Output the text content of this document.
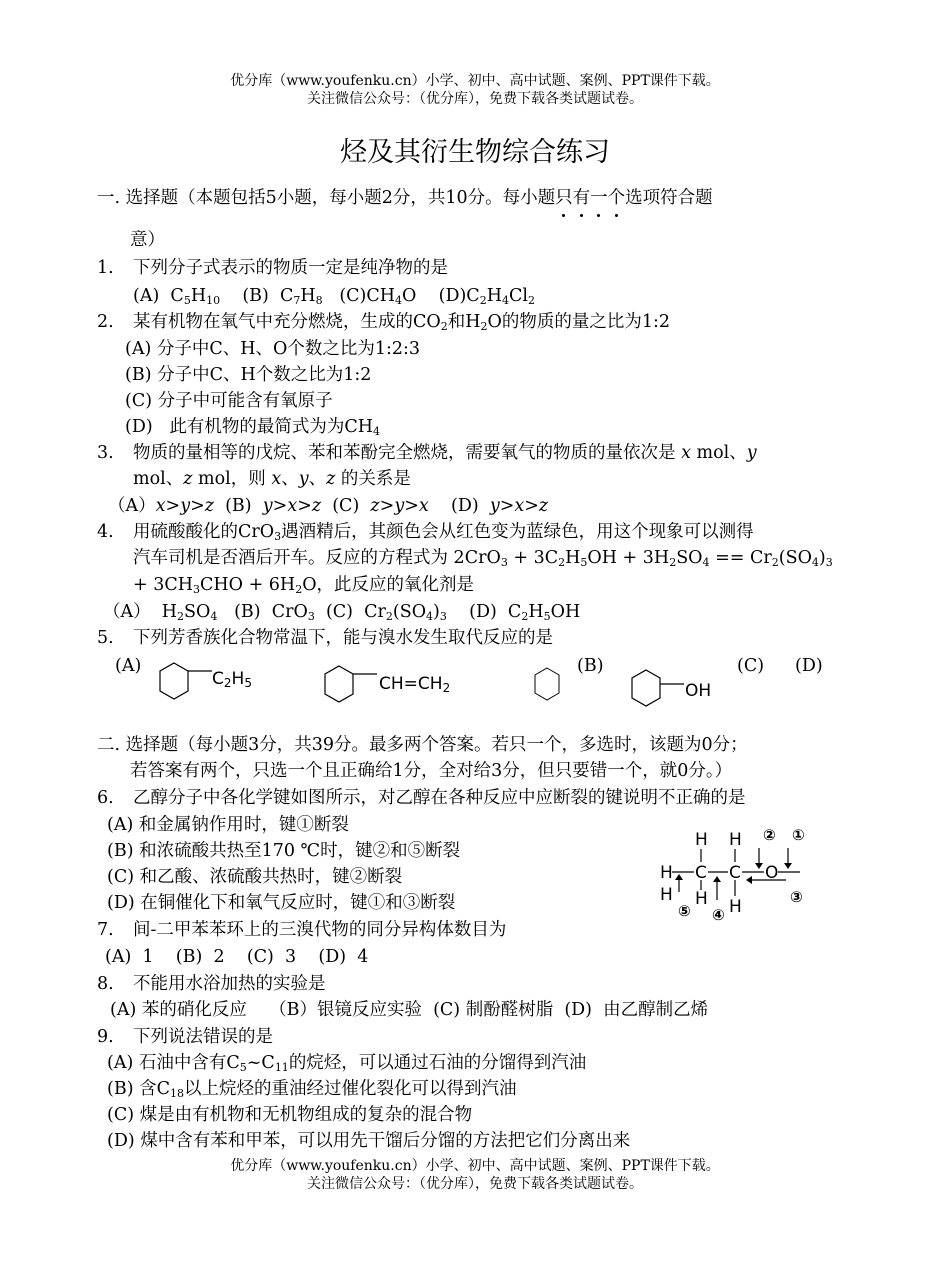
优分库（www.youfenku.cn）小学、初中、高中试题、案例、PPT课件下载。
关注微信公众号：（优分库），免费下载各类试题试卷。
烃及其衍生物综合练习
一. 选择题（本题包括5小题，每小题2分，共10分。每小题只有一个选项符合题
意）
1. 下列分子式表示的物质一定是纯净物的是
(A)  $C_5H_{10}$    (B)  $C_7H_8$   $(C)CH_4O$    $(D)C_2H_4Cl_2$
2. 某有机物在氧气中充分燃烧，生成的$CO_2$和$H_2O$的物质的量之比为1:2
(A) 分子中C、H、O个数之比为1:2:3
(B) 分子中C、H个数之比为1:2
(C) 分子中可能含有氧原子
(D)   此有机物的最简式为为$CH_4$
3. 物质的量相等的戊烷、苯和苯酚完全燃烧，需要氧气的物质的量依次是 x mol、y
mol、z mol，则 x、y、z 的关系是
（A）x>y>z  (B)  y>x>z  (C)  z>y>x    (D)  y>x>z
4. 用硫酸酸化的CrO$_3$遇酒精后，其颜色会从红色变为蓝绿色，用这个现象可以测得
汽车司机是否酒后开车。反应的方程式为 $2CrO_3 + 3C_2H_5OH + 3H_2SO_4 == Cr_2(SO_4)_3$
+ $3CH_3CHO + 6H_2O$，此反应的氧化剂是
（A）  $H_2SO_4$   (B)  CrO$_3$  (C)  $Cr_2(SO_4)_3$    (D)  $C_2H_5OH$
5. 下列芳香族化合物常温下，能与溴水发生取代反应的是
(A)	(B)	(C) (D)
C2H5	CH=CH2	OH
二. 选择题（每小题3分，共39分。最多两个答案。若只一个，多选时，该题为0分；
若答案有两个，只选一个且正确给1分，全对给3分，但只要错一个，就0分。）
6. 乙醇分子中各化学键如图所示，对乙醇在各种反应中应断裂的键说明不正确的是
(A) 和金属钠作用时，键①断裂
(B) 和浓硫酸共热至170 ℃时，键②和⑤断裂
(C) 和乙酸、浓硫酸共热时，键②断裂
(D) 在铜催化下和氧气反应时，键①和③断裂
H H
H C C O
H H H
② ①
③
⑤ ④
7. 间-二甲苯苯环上的三溴代物的同分异构体数目为
(A)  1    (B)  2    (C)  3    (D)  4
8. 不能用水浴加热的实验是
(A) 苯的硝化反应    （B）银镜反应实验  (C) 制酚醛树脂  (D)  由乙醇制乙烯
9. 下列说法错误的是
(A) 石油中含有$C_5\sim C_{11}$的烷烃，可以通过石油的分馏得到汽油
(B) 含$C_{18}$以上烷烃的重油经过催化裂化可以得到汽油
(C) 煤是由有机物和无机物组成的复杂的混合物
(D) 煤中含有苯和甲苯，可以用先干馏后分馏的方法把它们分离出来
优分库（www.youfenku.cn）小学、初中、高中试题、案例、PPT课件下载。
关注微信公众号：（优分库），免费下载各类试题试卷。
